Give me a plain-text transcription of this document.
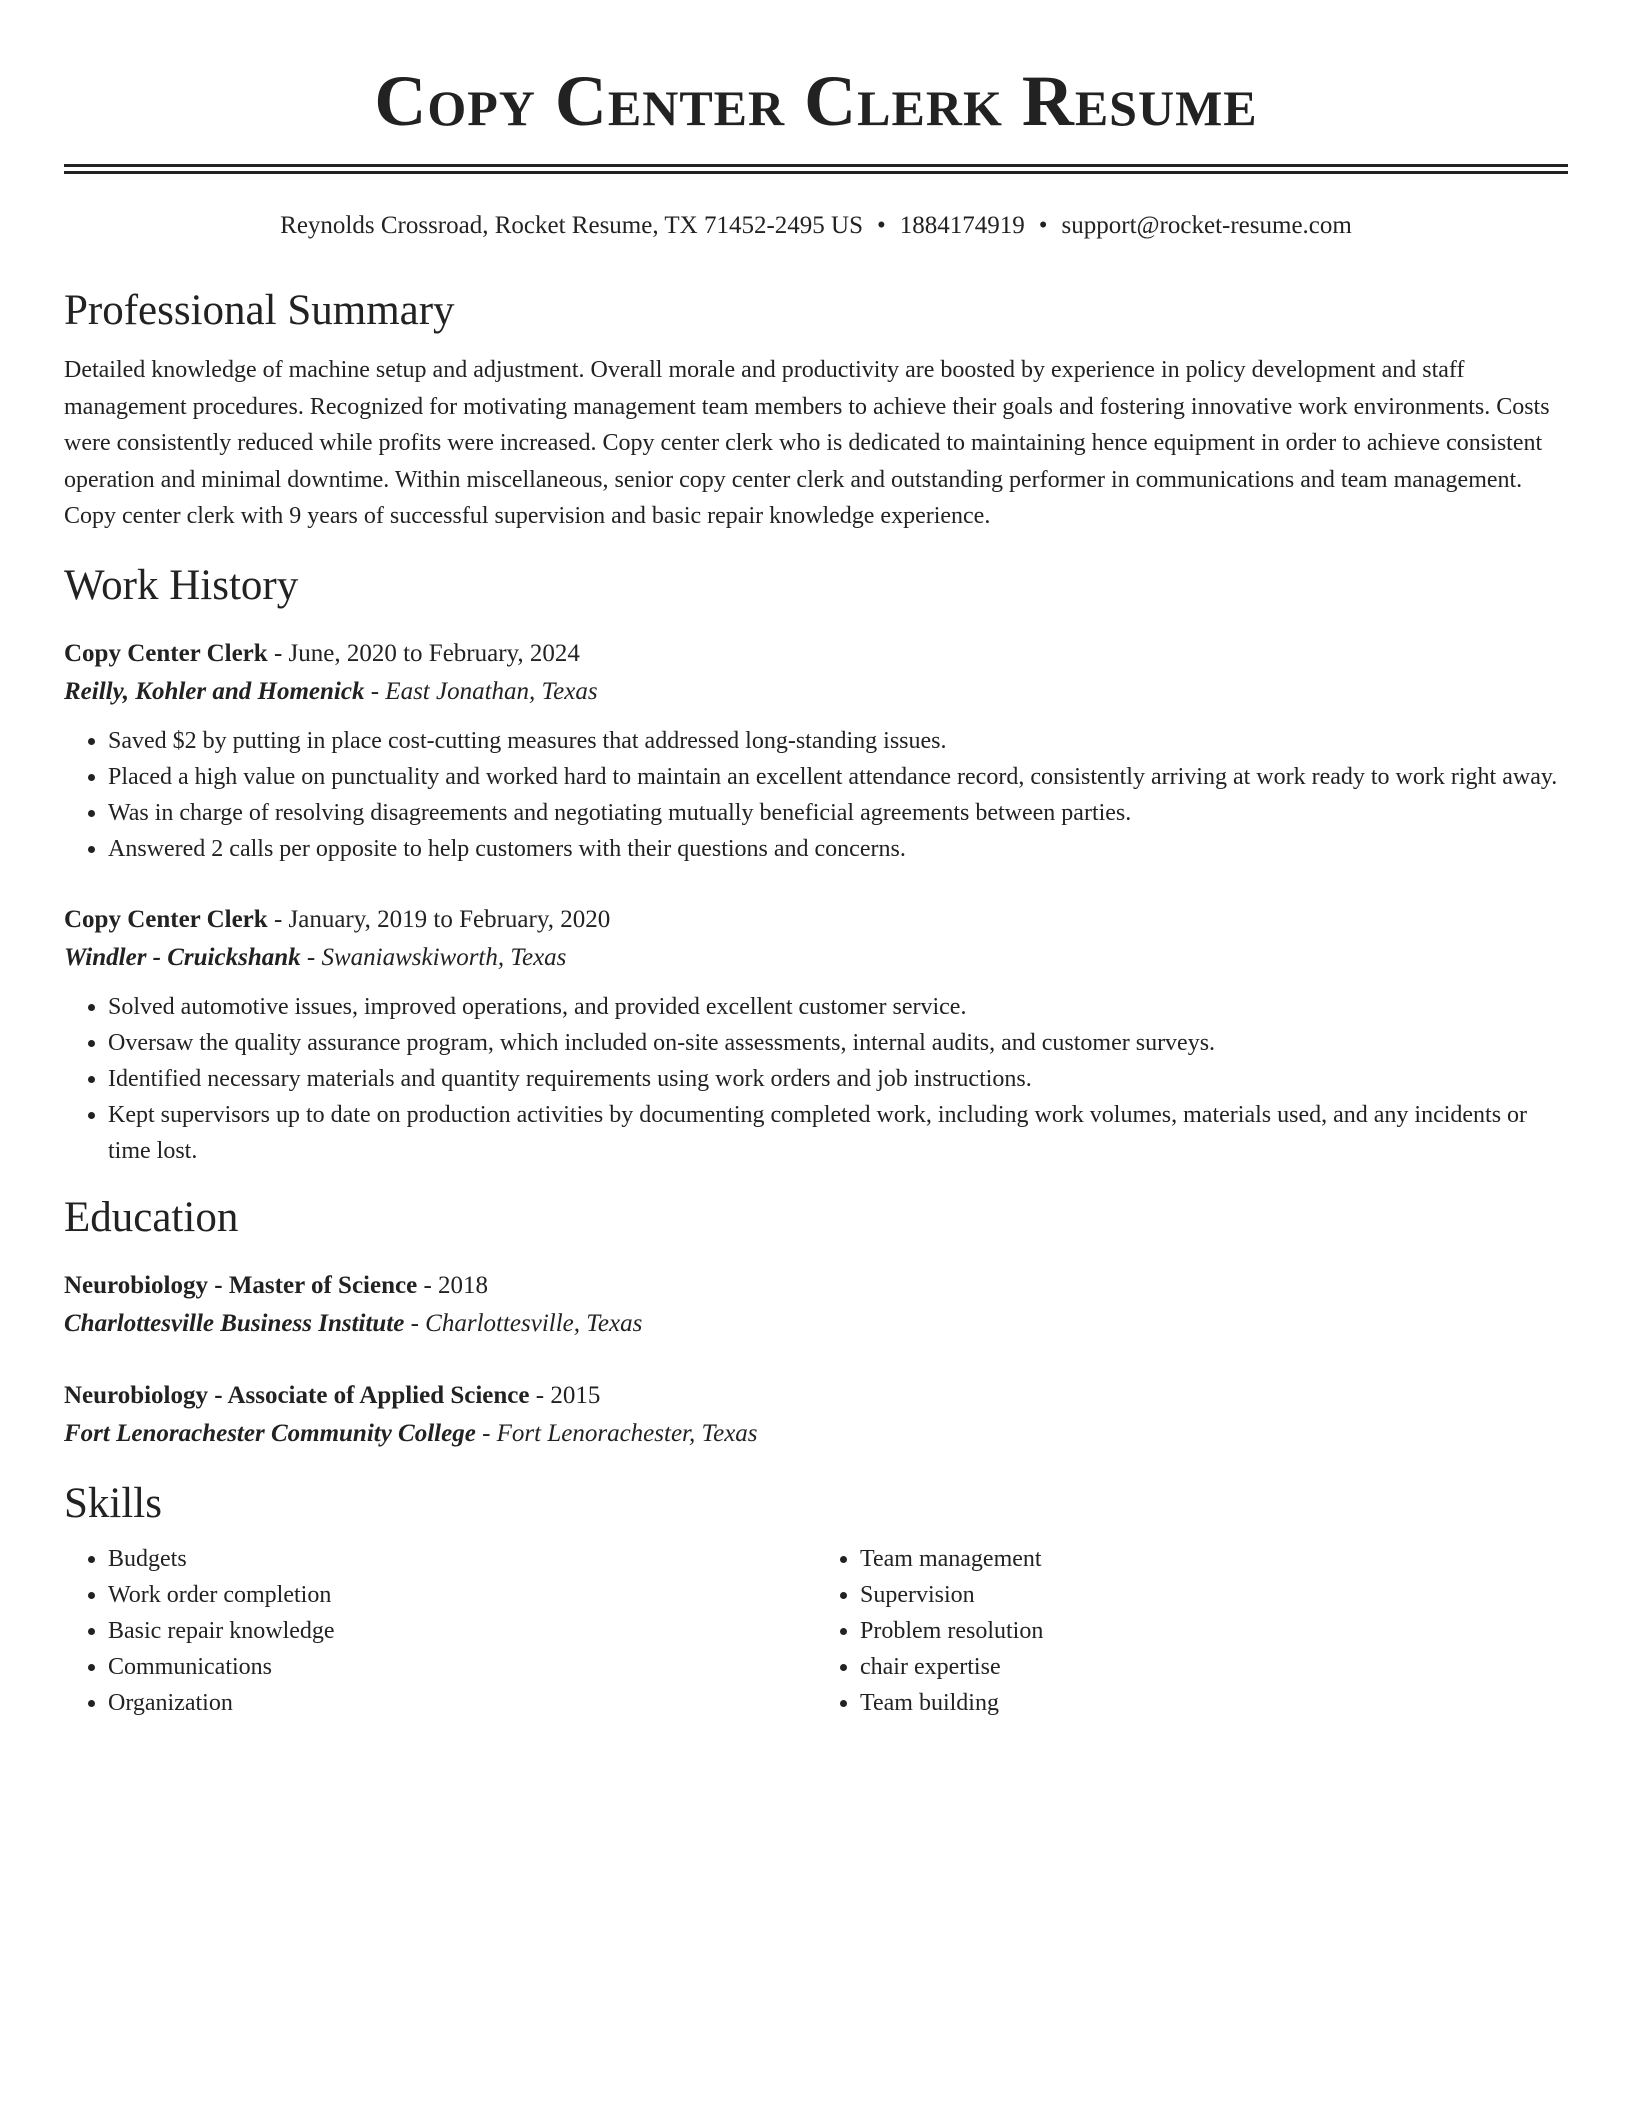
Copy Center Clerk Resume
Reynolds Crossroad, Rocket Resume, TX 71452-2495 US • 1884174919 • support@rocket-resume.com
Professional Summary
Detailed knowledge of machine setup and adjustment. Overall morale and productivity are boosted by experience in policy development and staff management procedures. Recognized for motivating management team members to achieve their goals and fostering innovative work environments. Costs were consistently reduced while profits were increased. Copy center clerk who is dedicated to maintaining hence equipment in order to achieve consistent operation and minimal downtime. Within miscellaneous, senior copy center clerk and outstanding performer in communications and team management. Copy center clerk with 9 years of successful supervision and basic repair knowledge experience.
Work History
Copy Center Clerk - June, 2020 to February, 2024
Reilly, Kohler and Homenick - East Jonathan, Texas
• Saved $2 by putting in place cost-cutting measures that addressed long-standing issues.
• Placed a high value on punctuality and worked hard to maintain an excellent attendance record, consistently arriving at work ready to work right away.
• Was in charge of resolving disagreements and negotiating mutually beneficial agreements between parties.
• Answered 2 calls per opposite to help customers with their questions and concerns.
Copy Center Clerk - January, 2019 to February, 2020
Windler - Cruickshank - Swaniawskiworth, Texas
• Solved automotive issues, improved operations, and provided excellent customer service.
• Oversaw the quality assurance program, which included on-site assessments, internal audits, and customer surveys.
• Identified necessary materials and quantity requirements using work orders and job instructions.
• Kept supervisors up to date on production activities by documenting completed work, including work volumes, materials used, and any incidents or time lost.
Education
Neurobiology - Master of Science - 2018
Charlottesville Business Institute - Charlottesville, Texas
Neurobiology - Associate of Applied Science - 2015
Fort Lenorachester Community College - Fort Lenorachester, Texas
Skills
• Budgets
• Work order completion
• Basic repair knowledge
• Communications
• Organization
• Team management
• Supervision
• Problem resolution
• chair expertise
• Team building
